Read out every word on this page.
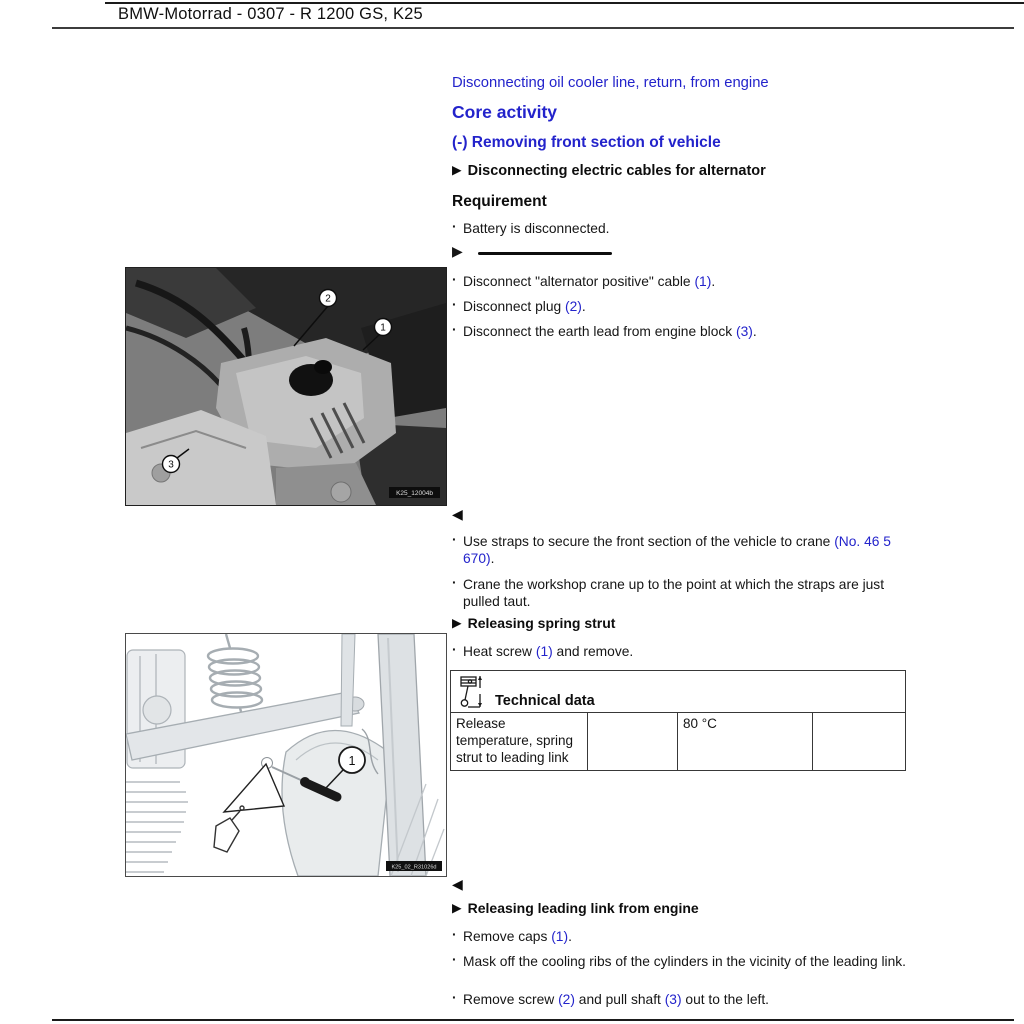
BMW-Motorrad - 0307 - R 1200 GS, K25
Disconnecting oil cooler line, return, from engine
Core activity
(-) Removing front section of vehicle
▶ Disconnecting electric cables for alternator
Requirement
· Battery is disconnected.
▶
· Disconnect "alternator positive" cable (1).
· Disconnect plug (2).
· Disconnect the earth lead from engine block (3).
2
1
3
K25_12004b
◀
· Use straps to secure the front section of the vehicle to crane (No. 46 5 670).
· Crane the workshop crane up to the point at which the straps are just pulled taut.
▶ Releasing spring strut
· Heat screw (1) and remove.
Technical data
Release temperature, spring strut to leading link
80 °C
1
K25_02_R31026d
◀
▶ Releasing leading link from engine
· Remove caps (1).
· Mask off the cooling ribs of the cylinders in the vicinity of the leading link.
· Remove screw (2) and pull shaft (3) out to the left.
